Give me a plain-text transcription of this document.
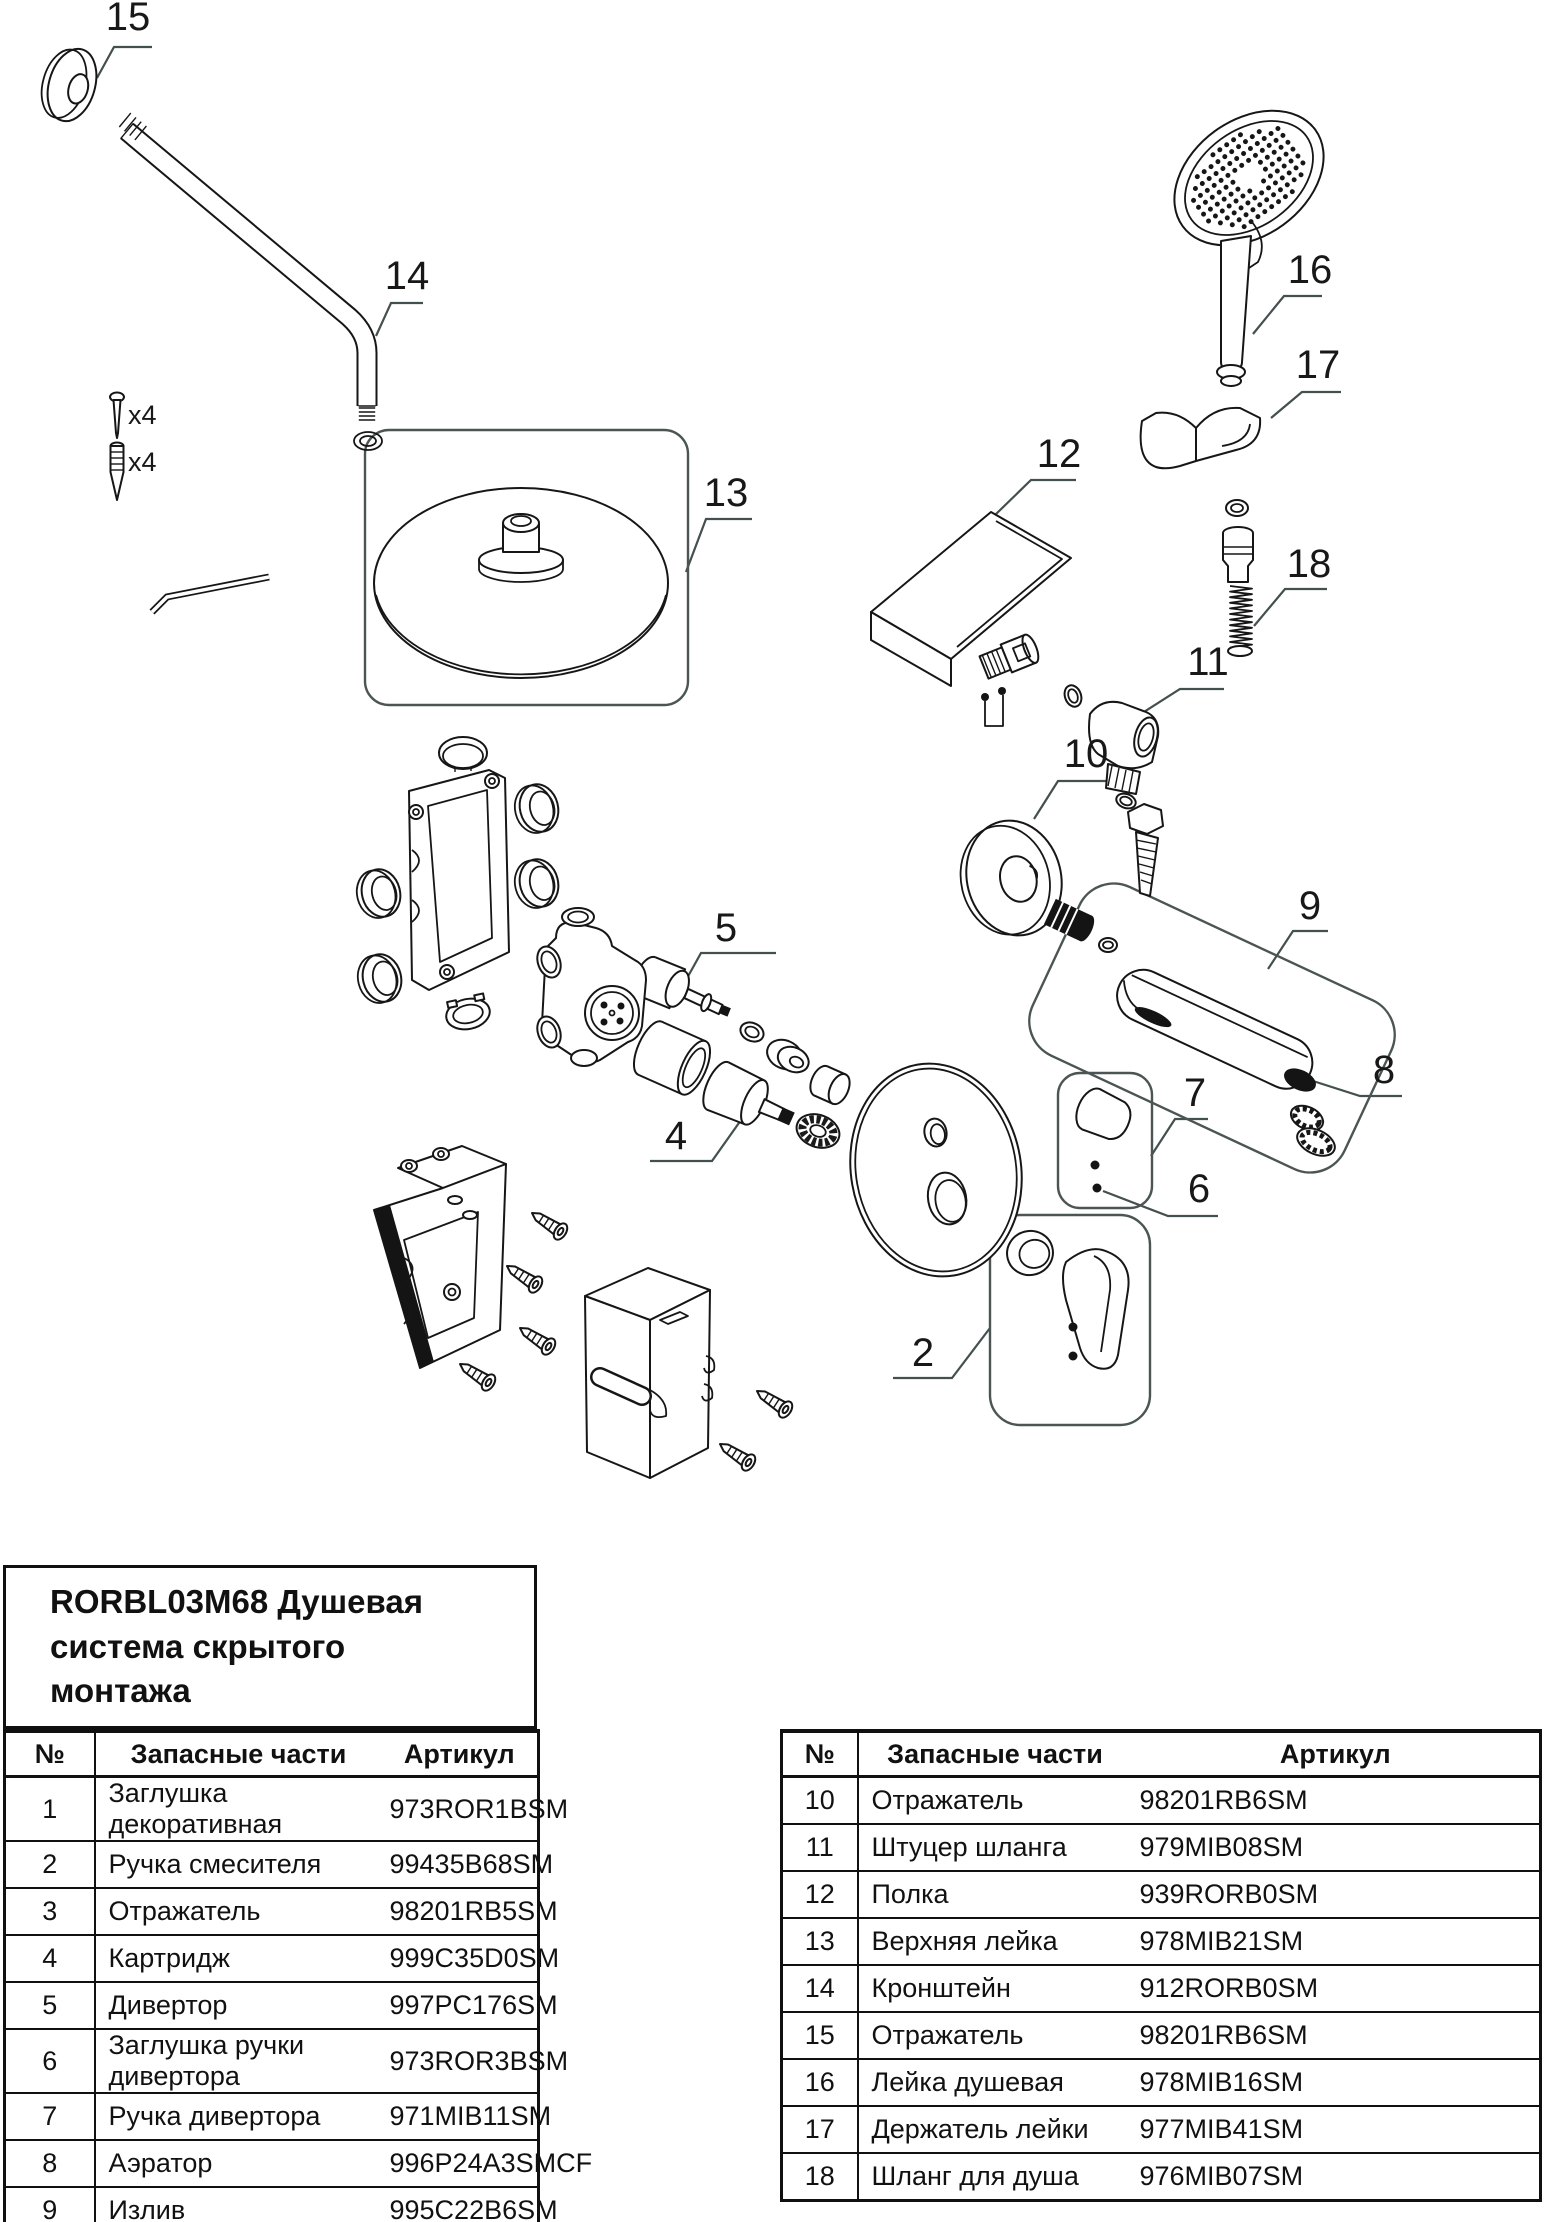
15
14
13
16
17
12
18
11
10
9
5
8
7
6
4
2
x4
x4
RORBL03M68 Душевая система скрытого монтажа
№	Запасные части	Артикул
1	Заглушка декоративная	973ROR1BSM
2	Ручка смесителя	99435B68SM
3	Отражатель	98201RB5SM
4	Картридж	999C35D0SM
5	Дивертор	997PC176SM
6	Заглушка ручки дивертора	973ROR3BSM
7	Ручка дивертора	971MIB11SM
8	Аэратор	996P24A3SMCF
9	Излив	995C22B6SM
№	Запасные части	Артикул
10	Отражатель	98201RB6SM
11	Штуцер шланга	979MIB08SM
12	Полка	939RORB0SM
13	Верхняя лейка	978MIB21SM
14	Кронштейн	912RORB0SM
15	Отражатель	98201RB6SM
16	Лейка душевая	978MIB16SM
17	Держатель лейки	977MIB41SM
18	Шланг для душа	976MIB07SM
